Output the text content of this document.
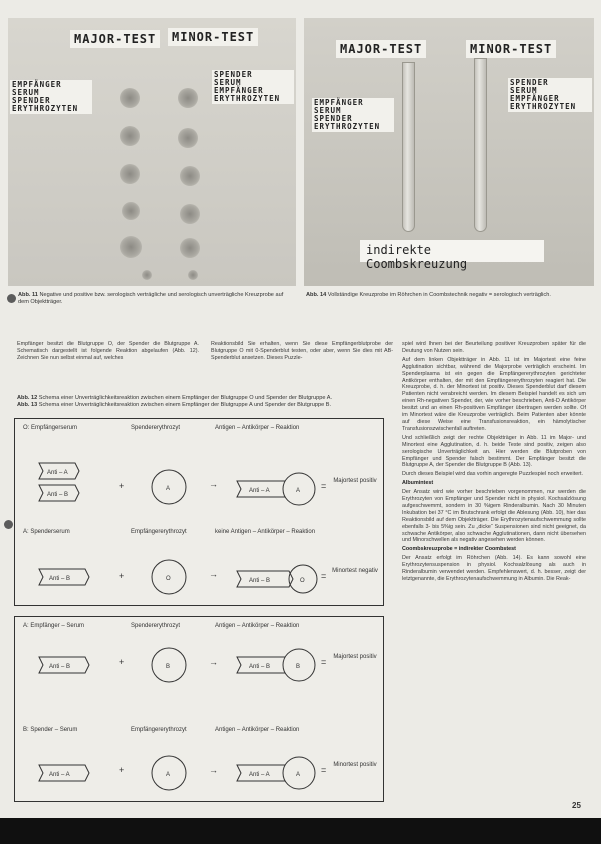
MAJOR-TEST	MINOR-TEST
EMPFÄNGER
SERUM
SPENDER
ERYTHROZYTEN
SPENDER
SERUM
EMPFÄNGER
ERYTHROZYTEN
MAJOR-TEST	MINOR-TEST
EMPFÄNGER
SERUM
SPENDER
ERYTHROZYTEN
SPENDER
SERUM
EMPFÄNGER
ERYTHROZYTEN
indirekte Coombskreuzung
Abb. 11 Negative und positive bzw. serologisch verträgliche und serologisch unverträgliche Kreuzprobe auf dem Objektträger.
Abb. 14 Vollständige Kreuzprobe im Röhrchen in Coombstechnik negativ = serologisch verträglich.
Empfänger besitzt die Blutgruppe O, der Spender die Blutgruppe A. Schematisch dargestellt ist folgende Reaktion abgelaufen (Abb. 12). Zeichnen Sie nun selbst einmal auf, welches
Reaktionsbild Sie erhalten, wenn Sie diese Empfängerblutprobe der Blutgruppe O mit 0-Spenderblut testen, oder aber, wenn Sie dies mit AB-Spenderblut ansetzen. Dieses Puzzle-

spiel wird Ihnen bei der Beurteilung positiver Kreuzproben später für die Deutung von Nutzen sein.

Auf dem linken Objektträger in Abb. 11 ist im Majortest eine feine Agglutination sichtbar, während die Majorprobe verträglich erscheint. Im Spenderplasma ist ein gegen die Empfängererythrozyten gerichteter Antikörper enthalten, der mit den Empfängererythrozyten reagiert hat. Die Kreuzprobe, d. h. der Minortest ist positiv. Dieses Spenderblut darf diesem Patienten nicht verabreicht werden. Im diesem Beispiel handelt es sich um einen Rh-negativen Spender, der, wie vorher beschrieben, Anti-D Antikörper besitzt und an einen Rh-positiven Empfänger übertragen werden sollte. Of im Minortest wäre die Kreuzprobe verträglich. Beim Patienten aber könnte auf diese Weise eine Transfusionsreaktion, ein hämolytischer Transfusionszwischenfall auftreten.

Und schließlich zeigt der rechte Objektträger in Abb. 11 im Major- und Minortest eine Agglutination, d. h. beide Teste sind positiv, zeigen also serologische Unverträglichkeit an. Hier werden die Blutproben von Empfänger und Spender falsch bestimmt. Der Empfänger besitzt die Blutgruppe A, der Spender die Blutgruppe B (Abb. 13).

Durch dieses Beispiel wird das vorhin angeregte Puzzlespiel noch erweitert.

Albumintest

Der Ansatz wird wie vorher beschrieben vorgenommen, nur werden die Erythrozyten von Empfänger und Spender nicht in physiol. Kochsalzlösung aufgeschwemmt, sondern in 30 %igem Rinderalbumin. Nach 30 Minuten Inkubation bei 37 °C im Brutschrank erfolgt die Ablesung (Abb. 10), hier das Reaktionsbild auf dem Objektträger. Die Erythrozytenaufschwemmung sollte ebenfalls 3- bis 5%ig sein. Zu „dicke“ Suspensionen sind nicht geeignet, da schwache Antikörper, also schwache Agglutinationen, dann nicht übersehen und Minorschwellen als negativ angesehen werden können.

Coombskreuzprobe = indirekter Coombstest

Der Ansatz erfolgt im Röhrchen (Abb. 14). Es kann sowohl eine Erythrozytensuspension in physiol. Kochsalzlösung als auch in Rinderalbumin verwendet werden. Empfehlenswert, d. h. besser, zeigt der letztgenannte, die Erythrozytenaufschwemmung in Albumin. Die Reak-

Abb. 12 Schema einer Unverträglichkeitsreaktion zwischen einem Empfänger der Blutgruppe O und Spender der Blutgruppe A.
Abb. 13 Schema einer Unverträglichkeitsreaktion zwischen einem Empfänger der Blutgruppe A und Spender der Blutgruppe B.
O: Empfängerserum	Spendererythrozyt	Antigen – Antikörper – Reaktion
Anti – A
Anti – B
+	A	→
Anti – A	A =	Majortest positiv
A: Spenderserum	Empfängererythrozyt	keine Antigen – Antikörper – Reaktion
Anti – B	+	O	→
Anti – B	O = Minortest negativ
A: Empfänger – Serum	Spendererythrozyt	Antigen – Antikörper – Reaktion
Anti – B	+	B	→	Anti – B	B =	Majortest positiv
B: Spender – Serum	Empfängererythrozyt	Antigen – Antikörper – Reaktion
Anti – A	+	A	→	Anti – A	A =	Minortest positiv
25
